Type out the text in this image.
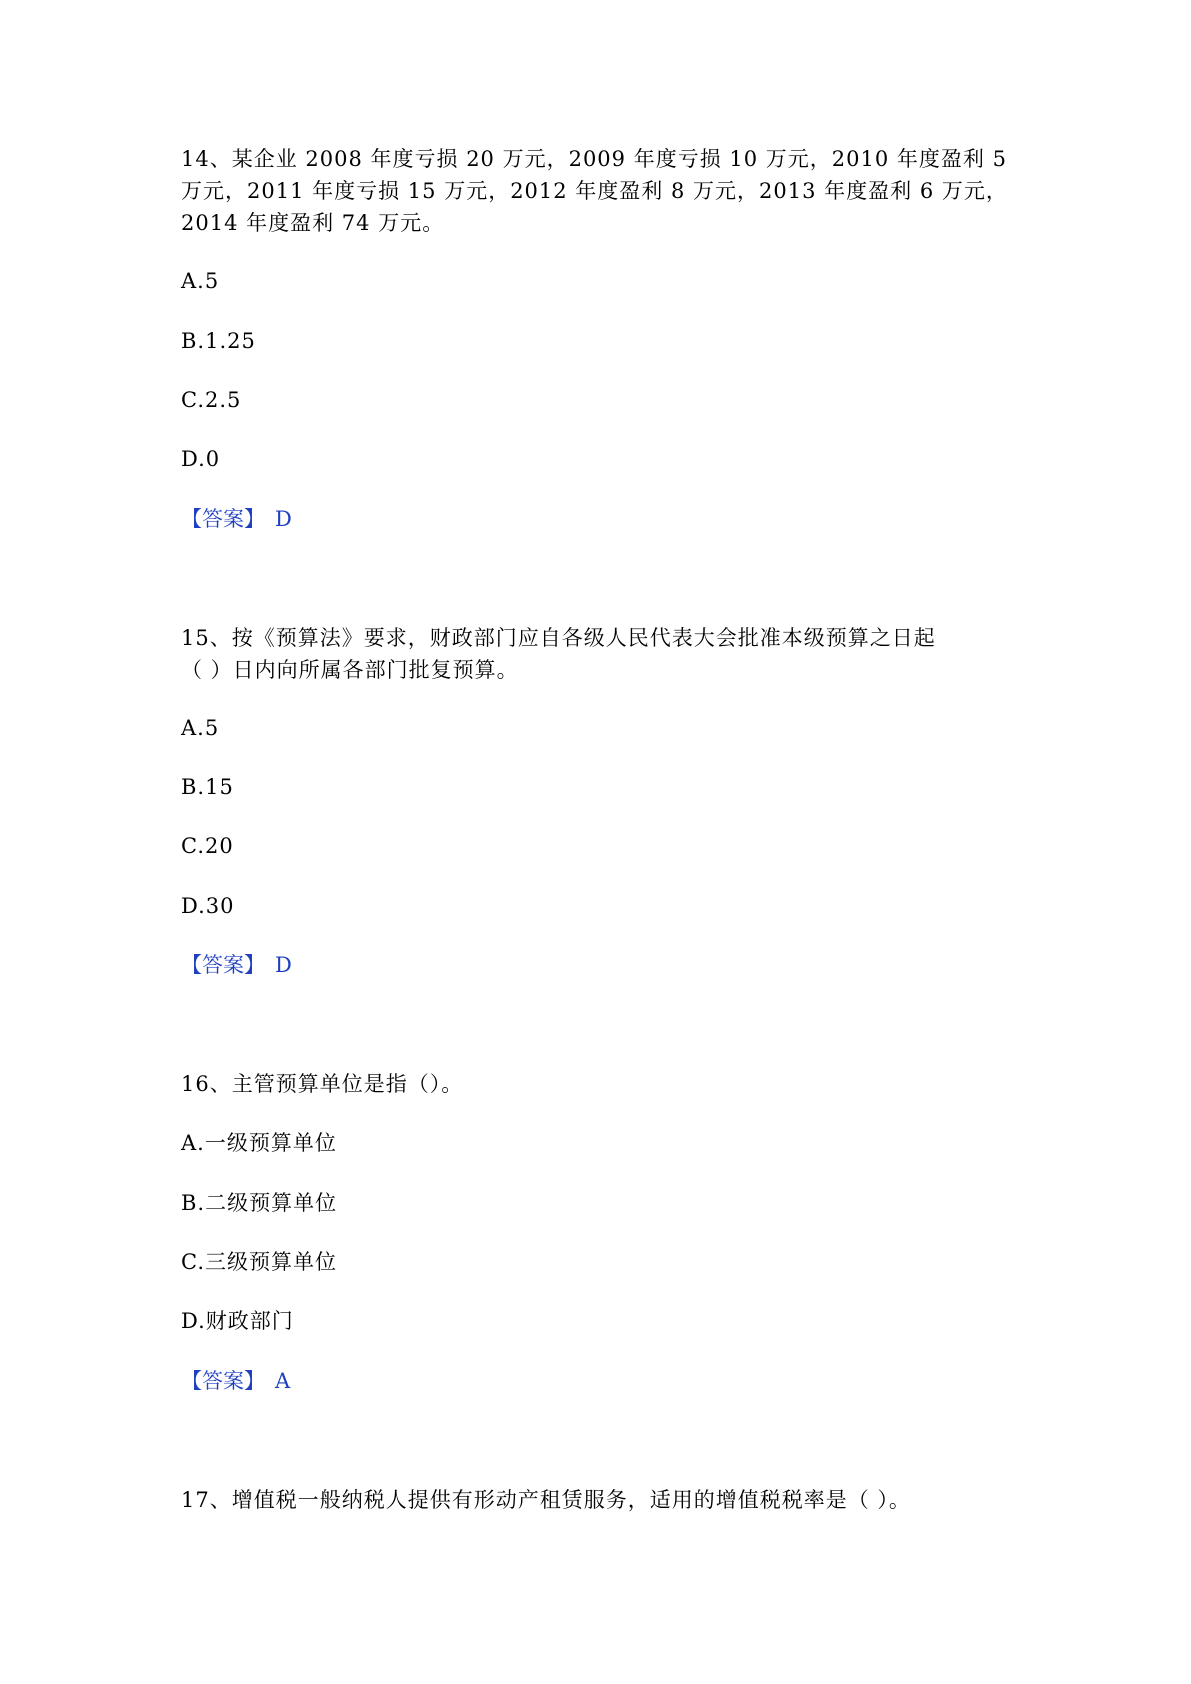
14、某企业 2008 年度亏损 20 万元，2009 年度亏损 10 万元，2010 年度盈利 5
万元，2011 年度亏损 15 万元，2012 年度盈利 8 万元，2013 年度盈利 6 万元，
2014 年度盈利 74 万元。
A.5
B.1.25
C.2.5
D.0
【答案】 D
15、按《预算法》要求，财政部门应自各级人民代表大会批准本级预算之日起
（ ）日内向所属各部门批复预算。
A.5
B.15
C.20
D.30
【答案】 D
16、主管预算单位是指（）。
A.一级预算单位
B.二级预算单位
C.三级预算单位
D.财政部门
【答案】 A
17、增值税一般纳税人提供有形动产租赁服务，适用的增值税税率是（ ）。
